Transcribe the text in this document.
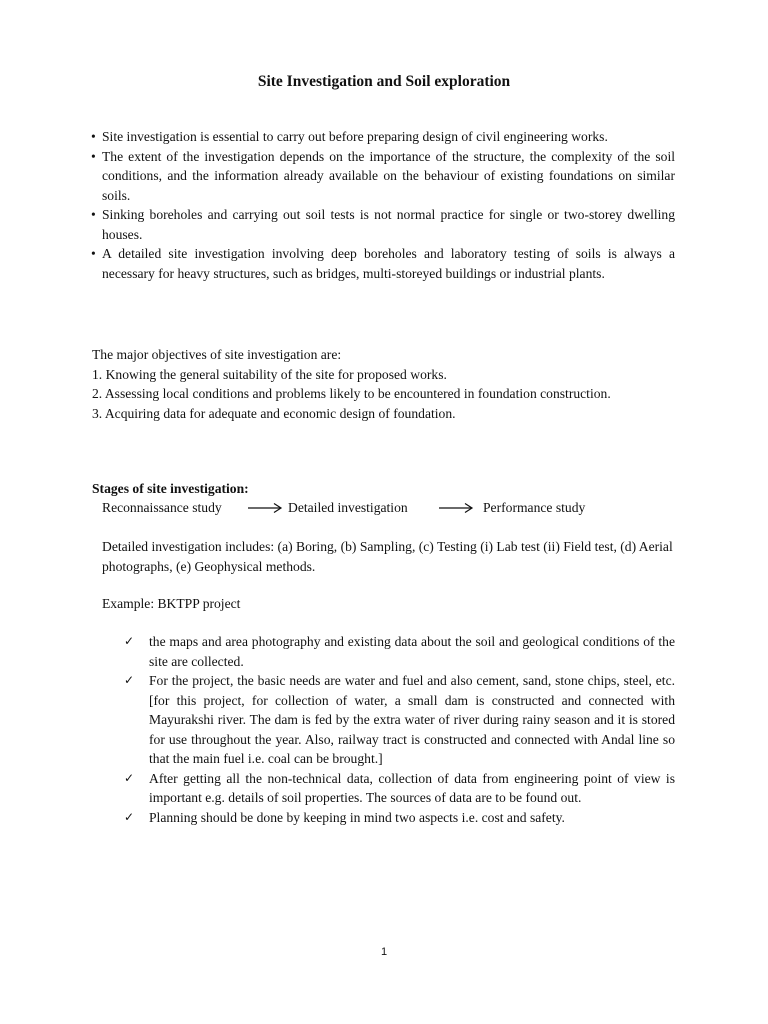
Site Investigation and Soil exploration
• Site investigation is essential to carry out before preparing design of civil engineering works.
• The extent of the investigation depends on the importance of the structure, the complexity of the soil conditions, and the information already available on the behaviour of existing foundations on similar soils.
• Sinking boreholes and carrying out soil tests is not normal practice for single or two-storey dwelling houses.
• A detailed site investigation involving deep boreholes and laboratory testing of soils is always a necessary for heavy structures, such as bridges, multi-storeyed buildings or industrial plants.

The major objectives of site investigation are:

1. Knowing the general suitability of the site for proposed works.
2. Assessing local conditions and problems likely to be encountered in foundation construction.
3. Acquiring data for adequate and economic design of foundation.
Stages of site investigation:
Reconnaissance study	Detailed investigation	Performance study

Detailed investigation includes: (a) Boring, (b) Sampling, (c) Testing (i) Lab test (ii) Field test, (d) Aerial photographs, (e) Geophysical methods.

Example: BKTPP project

✓ the maps and area photography and existing data about the soil and geological conditions of the site are collected.
✓ For the project, the basic needs are water and fuel and also cement, sand, stone chips, steel, etc. [for this project, for collection of water, a small dam is constructed and connected with Mayurakshi river. The dam is fed by the extra water of river during rainy season and it is stored for use throughout the year. Also, railway tract is constructed and connected with Andal line so that the main fuel i.e. coal can be brought.]
✓ After getting all the non-technical data, collection of data from engineering point of view is important e.g. details of soil properties. The sources of data are to be found out.
✓ Planning should be done by keeping in mind two aspects i.e. cost and safety.
1
